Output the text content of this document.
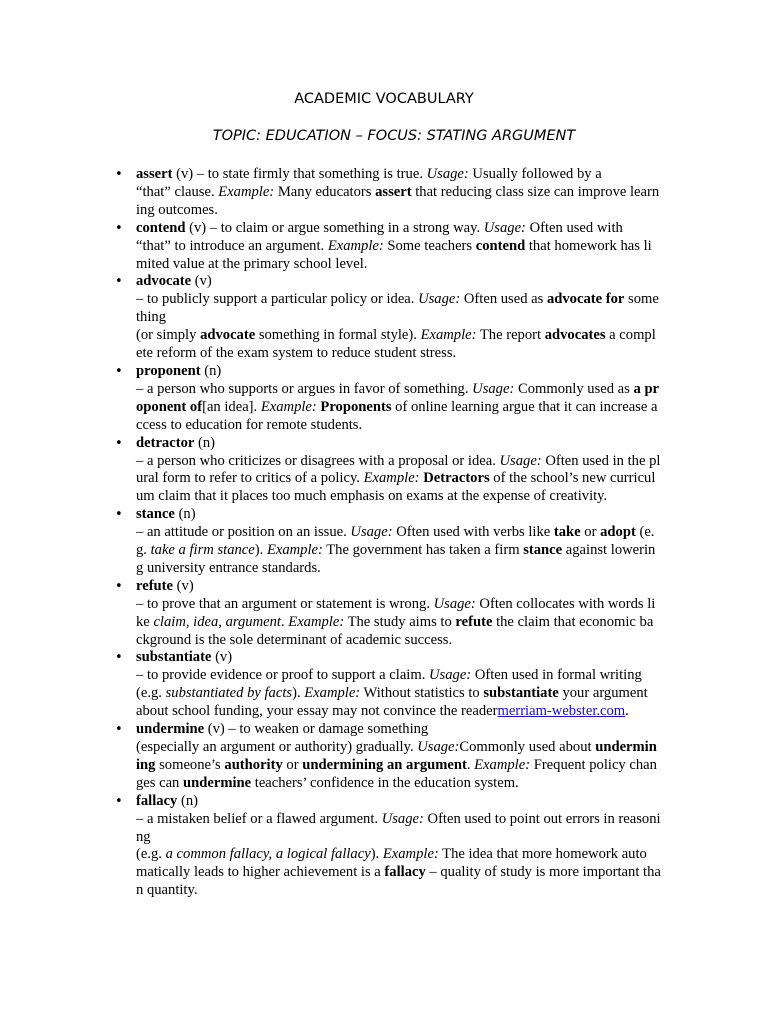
ACADEMIC VOCABULARY
TOPIC: EDUCATION – FOCUS: STATING ARGUMENT
• assert (v) – to state firmly that something is true. Usage: Usually followed by a
“that” clause. Example: Many educators assert that reducing class size can improve learn
ing outcomes.
• contend (v) – to claim or argue something in a strong way. Usage: Often used with
“that” to introduce an argument. Example: Some teachers contend that homework has li
mited value at the primary school level.
• advocate (v)
– to publicly support a particular policy or idea. Usage: Often used as advocate for some
thing
(or simply advocate something in formal style). Example: The report advocates a compl
ete reform of the exam system to reduce student stress.
• proponent (n)
– a person who supports or argues in favor of something. Usage: Commonly used as a pr
oponent of[an idea]. Example: Proponents of online learning argue that it can increase a
ccess to education for remote students.
• detractor (n)
– a person who criticizes or disagrees with a proposal or idea. Usage: Often used in the pl
ural form to refer to critics of a policy. Example: Detractors of the school’s new curricul
um claim that it places too much emphasis on exams at the expense of creativity.
• stance (n)
– an attitude or position on an issue. Usage: Often used with verbs like take or adopt (e.
g. take a firm stance). Example: The government has taken a firm stance against lowerin
g university entrance standards.
• refute (v)
– to prove that an argument or statement is wrong. Usage: Often collocates with words li
ke claim, idea, argument. Example: The study aims to refute the claim that economic ba
ckground is the sole determinant of academic success.
• substantiate (v)
– to provide evidence or proof to support a claim. Usage: Often used in formal writing
(e.g. substantiated by facts). Example: Without statistics to substantiate your argument
about school funding, your essay may not convince the readermerriam-webster.com.
• undermine (v) – to weaken or damage something
(especially an argument or authority) gradually. Usage:Commonly used about undermin
ing someone’s authority or undermining an argument. Example: Frequent policy chan
ges can undermine teachers’ confidence in the education system.
• fallacy (n)
– a mistaken belief or a flawed argument. Usage: Often used to point out errors in reasoni
ng
(e.g. a common fallacy, a logical fallacy). Example: The idea that more homework auto
matically leads to higher achievement is a fallacy – quality of study is more important tha
n quantity.
